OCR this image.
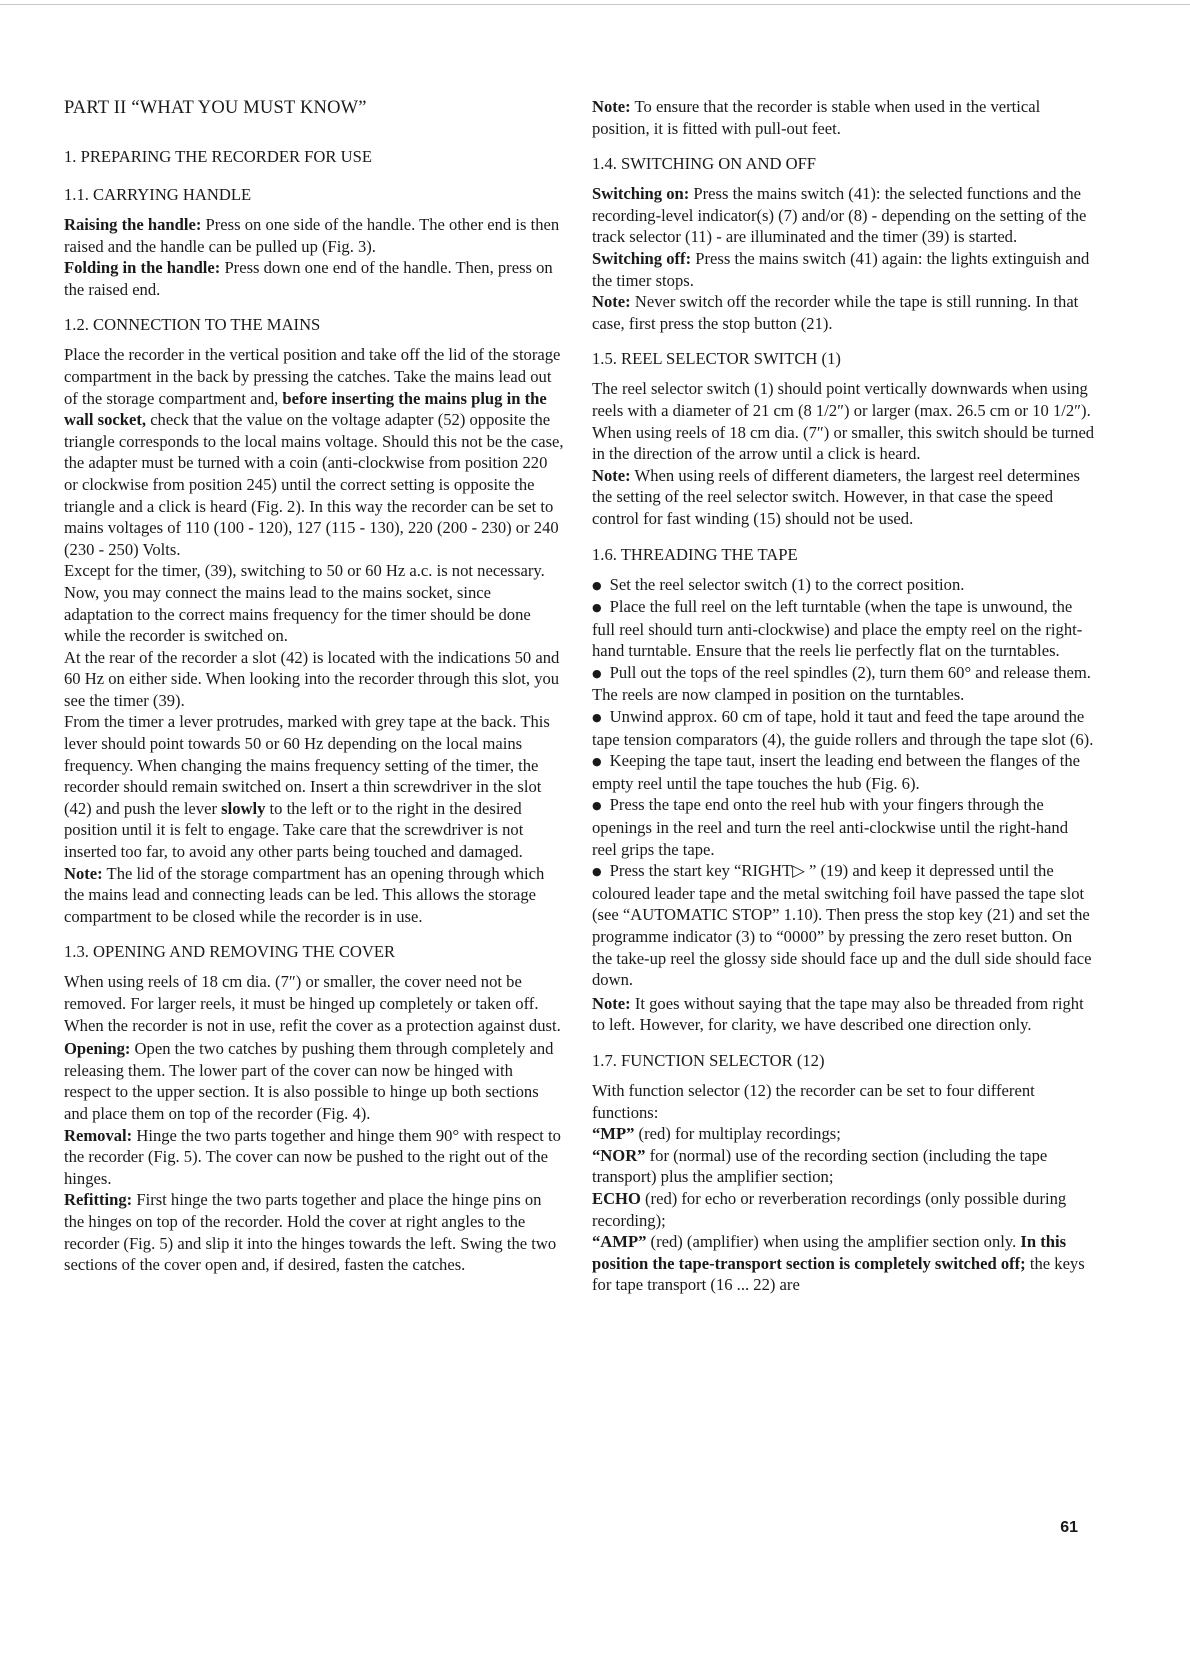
PART II “WHAT YOU MUST KNOW”
1. PREPARING THE RECORDER FOR USE
1.1. CARRYING HANDLE

Raising the handle: Press on one side of the handle. The other end is then raised and the handle can be pulled up (Fig. 3).

Folding in the handle: Press down one end of the handle. Then, press on the raised end.

1.2. CONNECTION TO THE MAINS

Place the recorder in the vertical position and take off the lid of the storage compartment in the back by pressing the catches. Take the mains lead out of the storage compartment and, before inserting the mains plug in the wall socket, check that the value on the voltage adapter (52) opposite the triangle corresponds to the local mains voltage. Should this not be the case, the adapter must be turned with a coin (anti-clockwise from position 220 or clockwise from position 245) until the correct setting is opposite the triangle and a click is heard (Fig. 2). In this way the recorder can be set to mains voltages of 110 (100 - 120), 127 (115 - 130), 220 (200 - 230) or 240 (230 - 250) Volts.

Except for the timer, (39), switching to 50 or 60 Hz a.c. is not necessary. Now, you may connect the mains lead to the mains socket, since adaptation to the correct mains frequency for the timer should be done while the recorder is switched on.

At the rear of the recorder a slot (42) is located with the indications 50 and 60 Hz on either side. When looking into the recorder through this slot, you see the timer (39).

From the timer a lever protrudes, marked with grey tape at the back. This lever should point towards 50 or 60 Hz depending on the local mains frequency. When changing the mains frequency setting of the timer, the recorder should remain switched on. Insert a thin screwdriver in the slot (42) and push the lever slowly to the left or to the right in the desired position until it is felt to engage. Take care that the screwdriver is not inserted too far, to avoid any other parts being touched and damaged.

Note: The lid of the storage compartment has an opening through which the mains lead and connecting leads can be led. This allows the storage compartment to be closed while the recorder is in use.

1.3. OPENING AND REMOVING THE COVER

When using reels of 18 cm dia. (7″) or smaller, the cover need not be removed. For larger reels, it must be hinged up completely or taken off. When the recorder is not in use, refit the cover as a protection against dust.

Opening: Open the two catches by pushing them through completely and releasing them. The lower part of the cover can now be hinged with respect to the upper section. It is also possible to hinge up both sections and place them on top of the recorder (Fig. 4).

Removal: Hinge the two parts together and hinge them 90° with respect to the recorder (Fig. 5). The cover can now be pushed to the right out of the hinges.

Refitting: First hinge the two parts together and place the hinge pins on the hinges on top of the recorder. Hold the cover at right angles to the recorder (Fig. 5) and slip it into the hinges towards the left. Swing the two sections of the cover open and, if desired, fasten the catches.

Note: To ensure that the recorder is stable when used in the vertical position, it is fitted with pull-out feet.

1.4. SWITCHING ON AND OFF

Switching on: Press the mains switch (41): the selected functions and the recording-level indicator(s) (7) and/or (8) - depending on the setting of the track selector (11) - are illuminated and the timer (39) is started.

Switching off: Press the mains switch (41) again: the lights extinguish and the timer stops.

Note: Never switch off the recorder while the tape is still running. In that case, first press the stop button (21).

1.5. REEL SELECTOR SWITCH (1)

The reel selector switch (1) should point vertically downwards when using reels with a diameter of 21 cm (8 1/2″) or larger (max. 26.5 cm or 10 1/2″). When using reels of 18 cm dia. (7″) or smaller, this switch should be turned in the direction of the arrow until a click is heard.

Note: When using reels of different diameters, the largest reel determines the setting of the reel selector switch. However, in that case the speed control for fast winding (15) should not be used.

1.6. THREADING THE TAPE

● Set the reel selector switch (1) to the correct position.

● Place the full reel on the left turntable (when the tape is unwound, the full reel should turn anti-clockwise) and place the empty reel on the right-hand turntable. Ensure that the reels lie perfectly flat on the turntables.

● Pull out the tops of the reel spindles (2), turn them 60° and release them. The reels are now clamped in position on the turntables.

● Unwind approx. 60 cm of tape, hold it taut and feed the tape around the tape tension comparators (4), the guide rollers and through the tape slot (6).

● Keeping the tape taut, insert the leading end between the flanges of the empty reel until the tape touches the hub (Fig. 6).

● Press the tape end onto the reel hub with your fingers through the openings in the reel and turn the reel anti-clockwise until the right-hand reel grips the tape.

● Press the start key “RIGHT▷ ” (19) and keep it depressed until the coloured leader tape and the metal switching foil have passed the tape slot (see “AUTOMATIC STOP” 1.10). Then press the stop key (21) and set the programme indicator (3) to “0000” by pressing the zero reset button. On the take-up reel the glossy side should face up and the dull side should face down.

Note: It goes without saying that the tape may also be threaded from right to left. However, for clarity, we have described one direction only.

1.7. FUNCTION SELECTOR (12)

With function selector (12) the recorder can be set to four different functions:

“MP” (red) for multiplay recordings;

“NOR” for (normal) use of the recording section (including the tape transport) plus the amplifier section;

ECHO (red) for echo or reverberation recordings (only possible during recording);

“AMP” (red) (amplifier) when using the amplifier section only. In this position the tape-transport section is completely switched off; the keys for tape transport (16 ... 22) are

61
